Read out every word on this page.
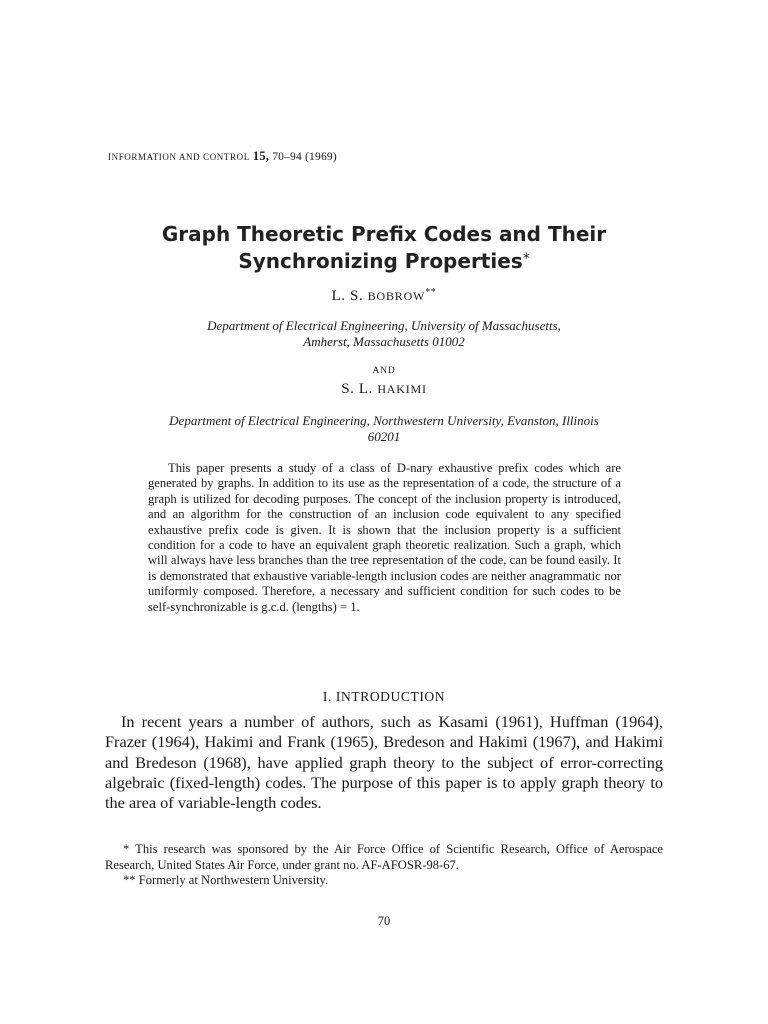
INFORMATION AND CONTROL 15, 70–94 (1969)
Graph Theoretic Prefix Codes and Their
Synchronizing Properties*
L. S. BOBROW**
Department of Electrical Engineering, University of Massachusetts,
Amherst, Massachusetts 01002
AND
S. L. HAKIMI
Department of Electrical Engineering, Northwestern University, Evanston, Illinois
60201

This paper presents a study of a class of D-nary exhaustive prefix codes which are generated by graphs. In addition to its use as the representation of a code, the structure of a graph is utilized for decoding purposes. The concept of the inclusion property is introduced, and an algorithm for the construction of an inclusion code equivalent to any specified exhaustive prefix code is given. It is shown that the inclusion property is a sufficient condition for a code to have an equivalent graph theoretic realization. Such a graph, which will always have less branches than the tree representation of the code, can be found easily. It is demonstrated that exhaustive variable-length inclusion codes are neither anagrammatic nor uniformly composed. Therefore, a necessary and sufficient condition for such codes to be self-synchronizable is g.c.d. (lengths) = 1.

I. INTRODUCTION

In recent years a number of authors, such as Kasami (1961), Huffman (1964), Frazer (1964), Hakimi and Frank (1965), Bredeson and Hakimi (1967), and Hakimi and Bredeson (1968), have applied graph theory to the subject of error-correcting algebraic (fixed-length) codes. The purpose of this paper is to apply graph theory to the area of variable-length codes.

* This research was sponsored by the Air Force Office of Scientific Research, Office of Aerospace Research, United States Air Force, under grant no. AF-AFOSR-98-67.

** Formerly at Northwestern University.

70
